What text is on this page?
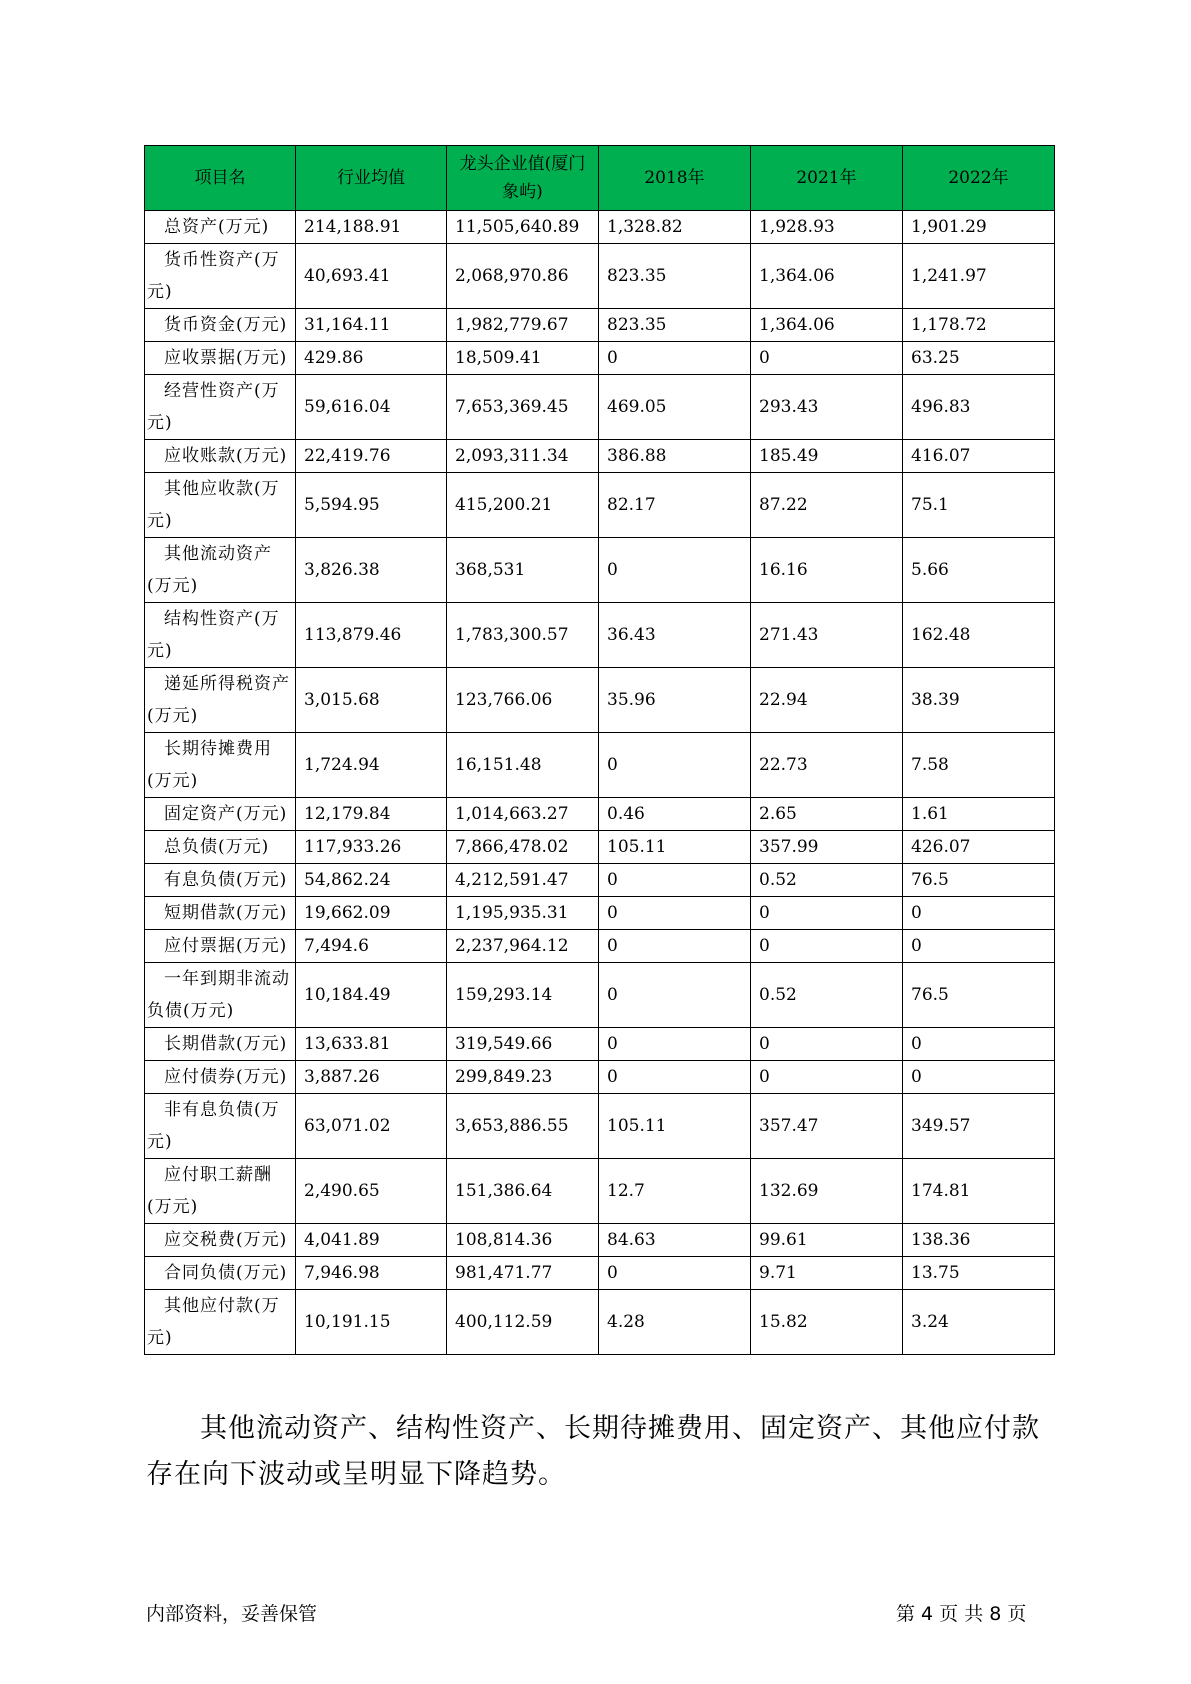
项目名	行业均值	龙头企业值(厦门象屿)	2018年	2021年	2022年
总资产(万元)	214,188.91	11,505,640.89	1,328.82	1,928.93	1,901.29
货币性资产(万元)	40,693.41	2,068,970.86	823.35	1,364.06	1,241.97
货币资金(万元)	31,164.11	1,982,779.67	823.35	1,364.06	1,178.72
应收票据(万元)	429.86	18,509.41	0	0	63.25
经营性资产(万元)	59,616.04	7,653,369.45	469.05	293.43	496.83
应收账款(万元)	22,419.76	2,093,311.34	386.88	185.49	416.07
其他应收款(万元)	5,594.95	415,200.21	82.17	87.22	75.1
其他流动资产(万元)	3,826.38	368,531	0	16.16	5.66
结构性资产(万元)	113,879.46	1,783,300.57	36.43	271.43	162.48
递延所得税资产(万元)	3,015.68	123,766.06	35.96	22.94	38.39
长期待摊费用(万元)	1,724.94	16,151.48	0	22.73	7.58
固定资产(万元)	12,179.84	1,014,663.27	0.46	2.65	1.61
总负债(万元)	117,933.26	7,866,478.02	105.11	357.99	426.07
有息负债(万元)	54,862.24	4,212,591.47	0	0.52	76.5
短期借款(万元)	19,662.09	1,195,935.31	0	0	0
应付票据(万元)	7,494.6	2,237,964.12	0	0	0
一年到期非流动负债(万元)	10,184.49	159,293.14	0	0.52	76.5
长期借款(万元)	13,633.81	319,549.66	0	0	0
应付债券(万元)	3,887.26	299,849.23	0	0	0
非有息负债(万元)	63,071.02	3,653,886.55	105.11	357.47	349.57
应付职工薪酬(万元)	2,490.65	151,386.64	12.7	132.69	174.81
应交税费(万元)	4,041.89	108,814.36	84.63	99.61	138.36
合同负债(万元)	7,946.98	981,471.77	0	9.71	13.75
其他应付款(万元)	10,191.15	400,112.59	4.28	15.82	3.24

其他流动资产、结构性资产、长期待摊费用、固定资产、其他应付款存在向下波动或呈明显下降趋势。

内部资料，妥善保管	第 4 页 共 8 页
